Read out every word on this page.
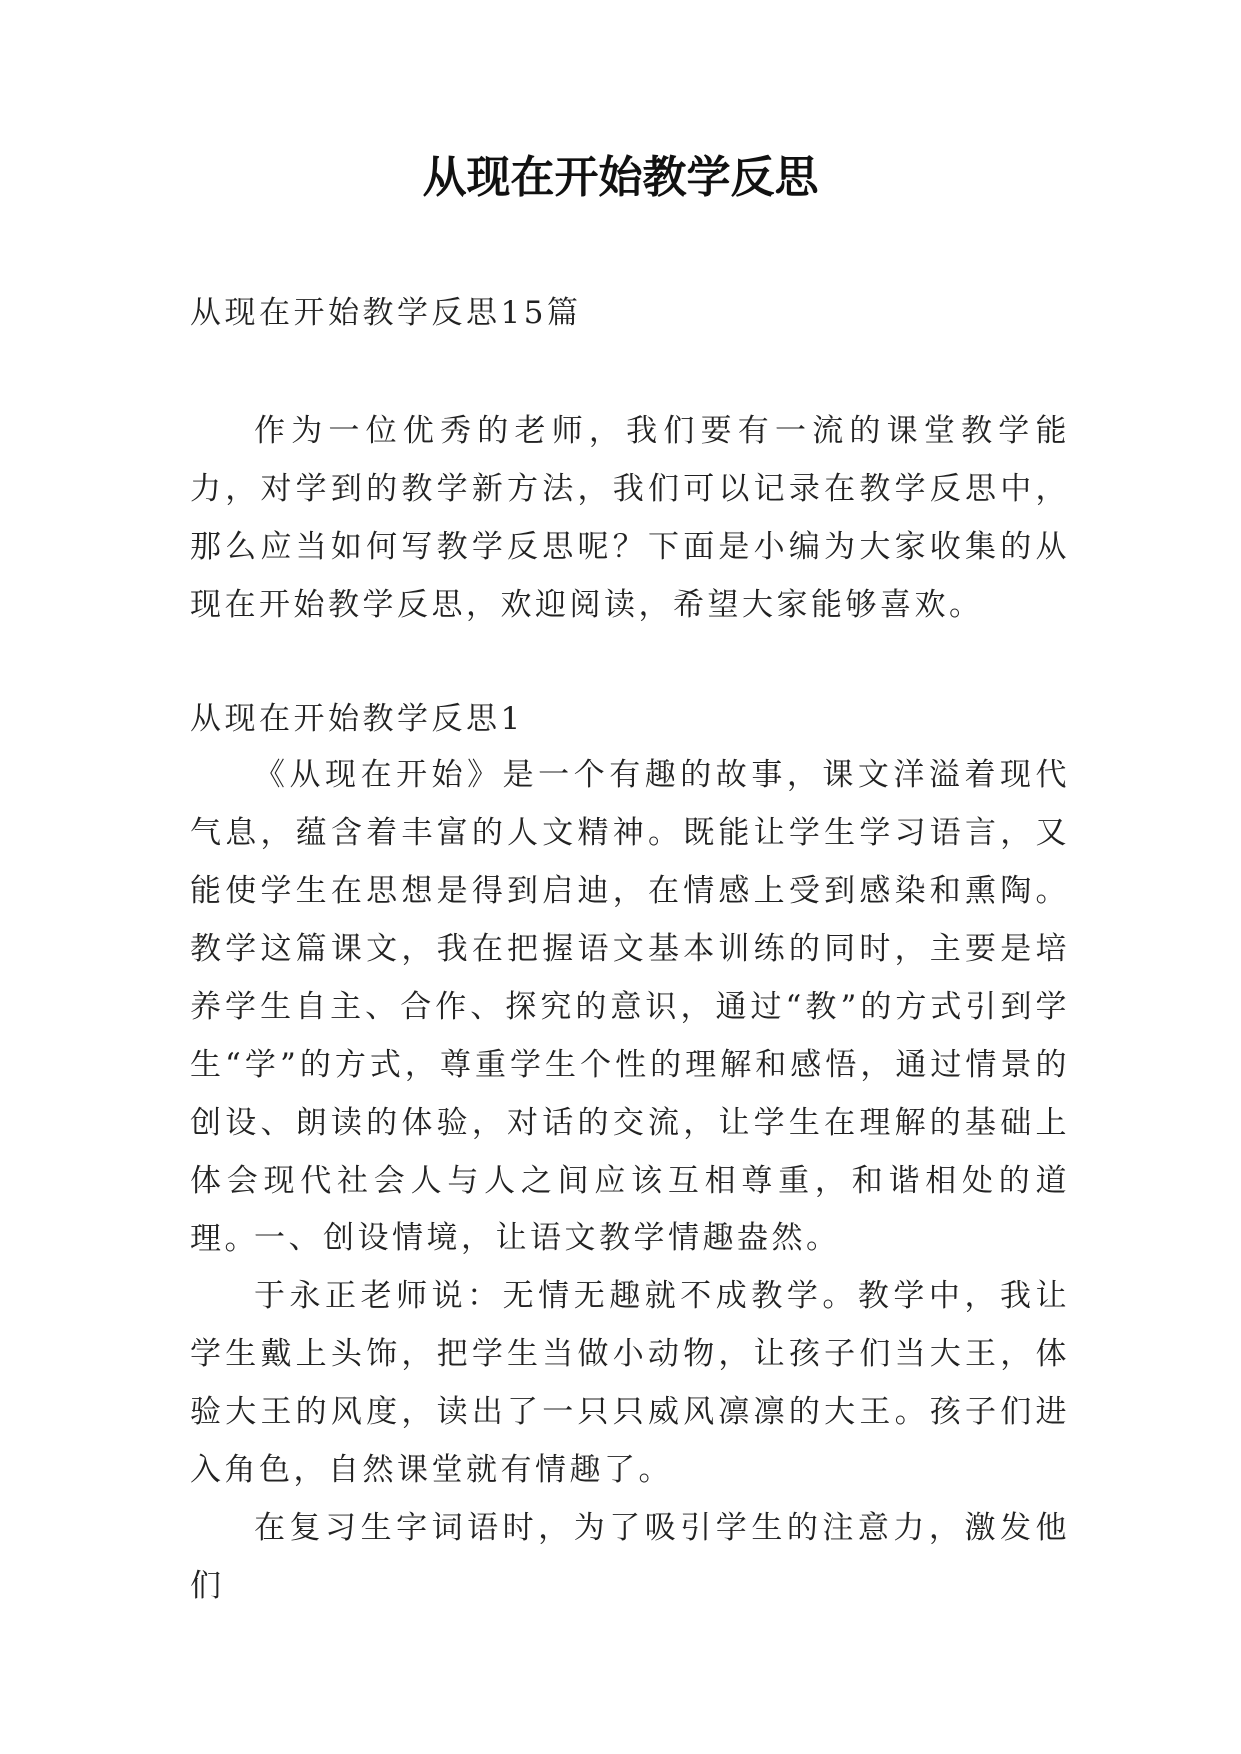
从现在开始教学反思
从现在开始教学反思15篇
作为一位优秀的老师，我们要有一流的课堂教学能力，对学到的教学新方法，我们可以记录在教学反思中，那么应当如何写教学反思呢？下面是小编为大家收集的从现在开始教学反思，欢迎阅读，希望大家能够喜欢。
从现在开始教学反思1
《从现在开始》是一个有趣的故事，课文洋溢着现代气息，蕴含着丰富的人文精神。既能让学生学习语言，又能使学生在思想是得到启迪，在情感上受到感染和熏陶。教学这篇课文，我在把握语文基本训练的同时，主要是培养学生自主、合作、探究的意识，通过“教”的方式引到学生“学”的方式，尊重学生个性的理解和感悟，通过情景的创设、朗读的体验，对话的交流，让学生在理解的基础上体会现代社会人与人之间应该互相尊重，和谐相处的道理。
一、创设情境，让语文教学情趣盎然。
于永正老师说：无情无趣就不成教学。教学中，我让学生戴上头饰，把学生当做小动物，让孩子们当大王，体验大王的风度，读出了一只只威风凛凛的大王。孩子们进入角色，自然课堂就有情趣了。
在复习生字词语时，为了吸引学生的注意力，激发他们
